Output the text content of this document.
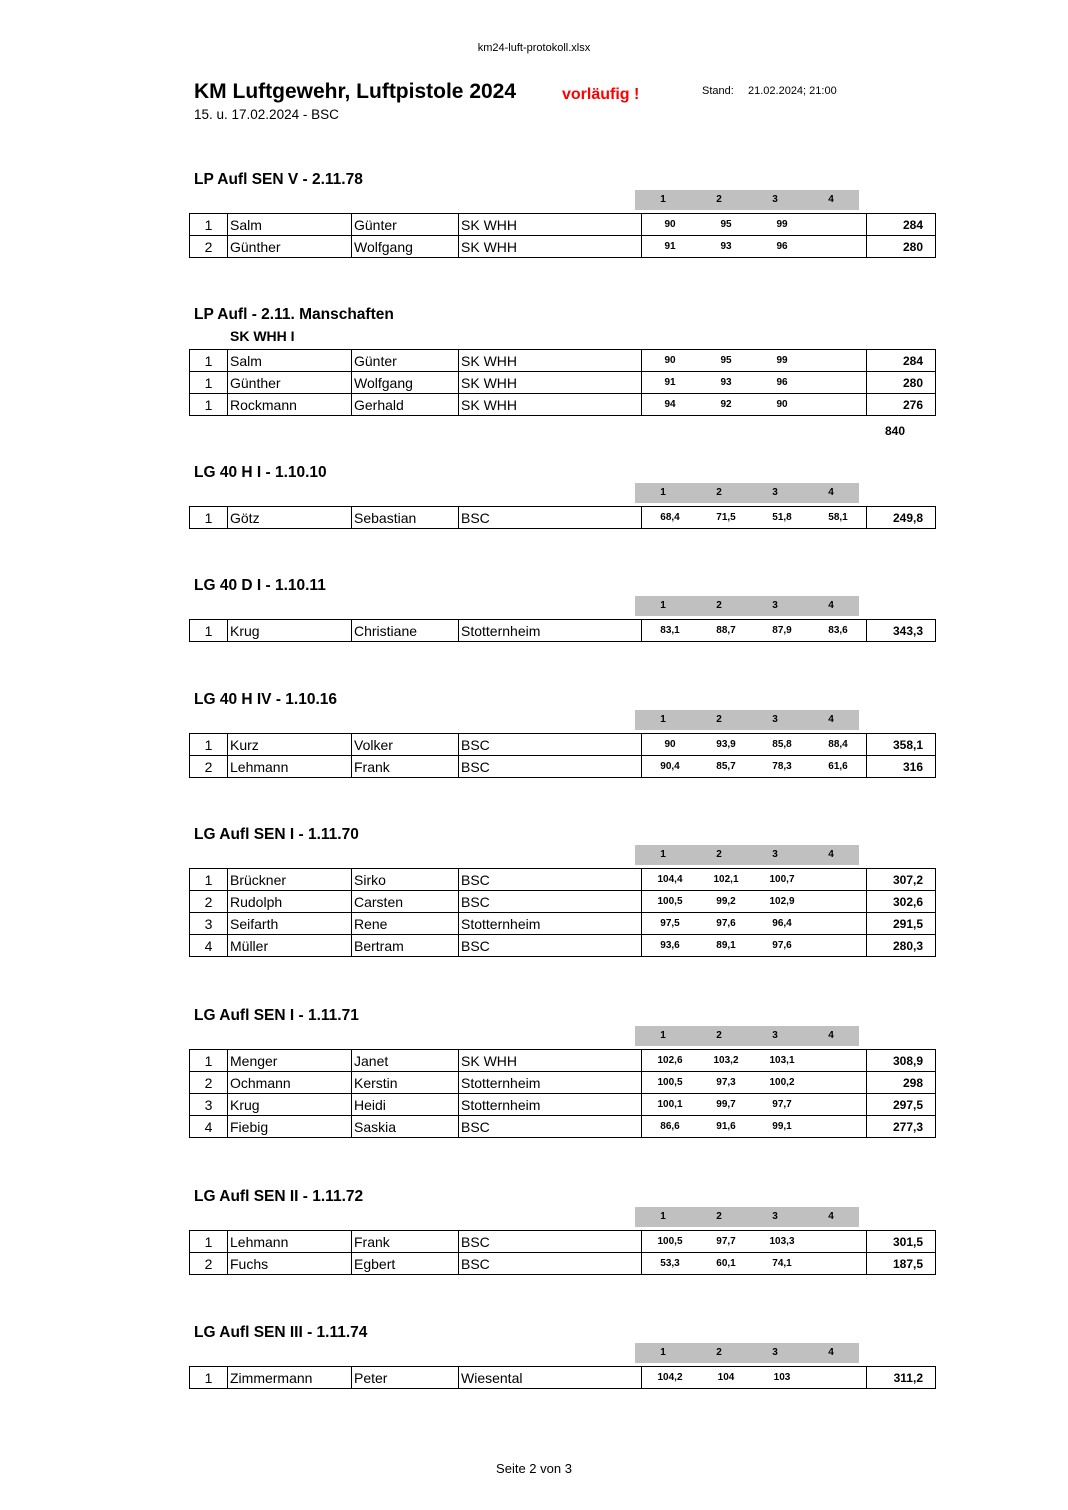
km24-luft-protokoll.xlsx
KM Luftgewehr, Luftpistole 2024	vorläufig !	Stand: 21.02.2024; 21:00
15. u. 17.02.2024 - BSC
Seite 2 von 3
LP Aufl SEN V - 2.11.78
1	2	3	4
1	Salm	Günter	SK WHH	90	95	99		284
2	Günther	Wolfgang	SK WHH	91	93	96		280
LP Aufl - 2.11. Manschaften
SK WHH I
1	Salm	Günter	SK WHH	90	95	99		284
1	Günther	Wolfgang	SK WHH	91	93	96		280
1	Rockmann	Gerhald	SK WHH	94	92	90		276
840
LG 40 H I - 1.10.10
1	2	3	4
1	Götz	Sebastian	BSC	68,4	71,5	51,8	58,1	249,8
LG 40 D I - 1.10.11
1	2	3	4
1	Krug	Christiane	Stotternheim	83,1	88,7	87,9	83,6	343,3
LG 40 H IV - 1.10.16
1	2	3	4
1	Kurz	Volker	BSC	90	93,9	85,8	88,4	358,1
2	Lehmann	Frank	BSC	90,4	85,7	78,3	61,6	316
LG Aufl SEN I - 1.11.70
1	2	3	4
1	Brückner	Sirko	BSC	104,4	102,1	100,7		307,2
2	Rudolph	Carsten	BSC	100,5	99,2	102,9		302,6
3	Seifarth	Rene	Stotternheim	97,5	97,6	96,4		291,5
4	Müller	Bertram	BSC	93,6	89,1	97,6		280,3
LG Aufl SEN I - 1.11.71
1	2	3	4
1	Menger	Janet	SK WHH	102,6	103,2	103,1		308,9
2	Ochmann	Kerstin	Stotternheim	100,5	97,3	100,2		298
3	Krug	Heidi	Stotternheim	100,1	99,7	97,7		297,5
4	Fiebig	Saskia	BSC	86,6	91,6	99,1		277,3
LG Aufl SEN II - 1.11.72
1	2	3	4
1	Lehmann	Frank	BSC	100,5	97,7	103,3		301,5
2	Fuchs	Egbert	BSC	53,3	60,1	74,1		187,5
LG Aufl SEN III - 1.11.74
1	2	3	4
1	Zimmermann	Peter	Wiesental	104,2	104	103		311,2
